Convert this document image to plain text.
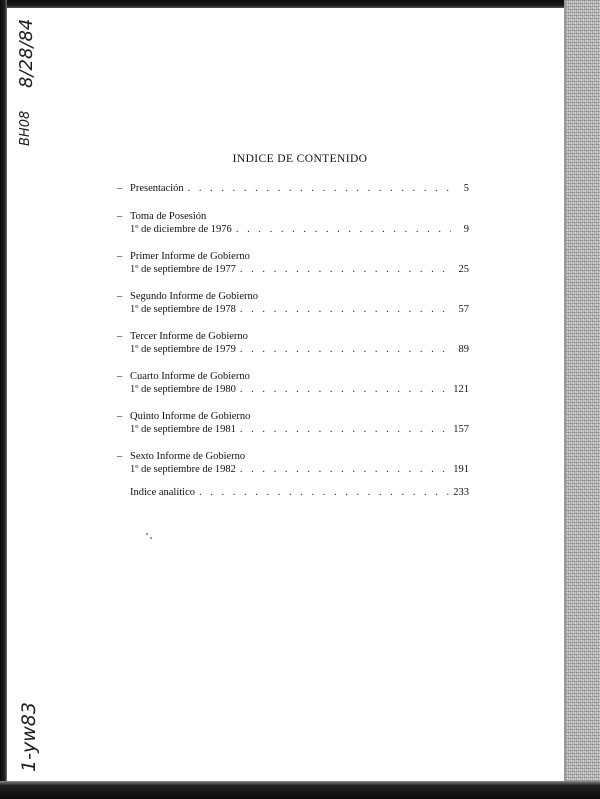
8/28/84
BH08
1-yw83
INDICE DE CONTENIDO
– Presentación . . .	5
– Toma de Posesión
1º de diciembre de 1976 . . .	9
– Primer Informe de Gobierno
1º de septiembre de 1977 . . .	25
– Segundo Informe de Gobierno
1º de septiembre de 1978 . . .	57
– Tercer Informe de Gobierno
1º de septiembre de 1979 . . .	89
– Cuarto Informe de Gobierno
1º de septiembre de 1980 . . .	121
– Quinto Informe de Gobierno
1º de septiembre de 1981 . . .	157
– Sexto Informe de Gobierno
1º de septiembre de 1982 . . .	191
Indice analítico . . .	233
